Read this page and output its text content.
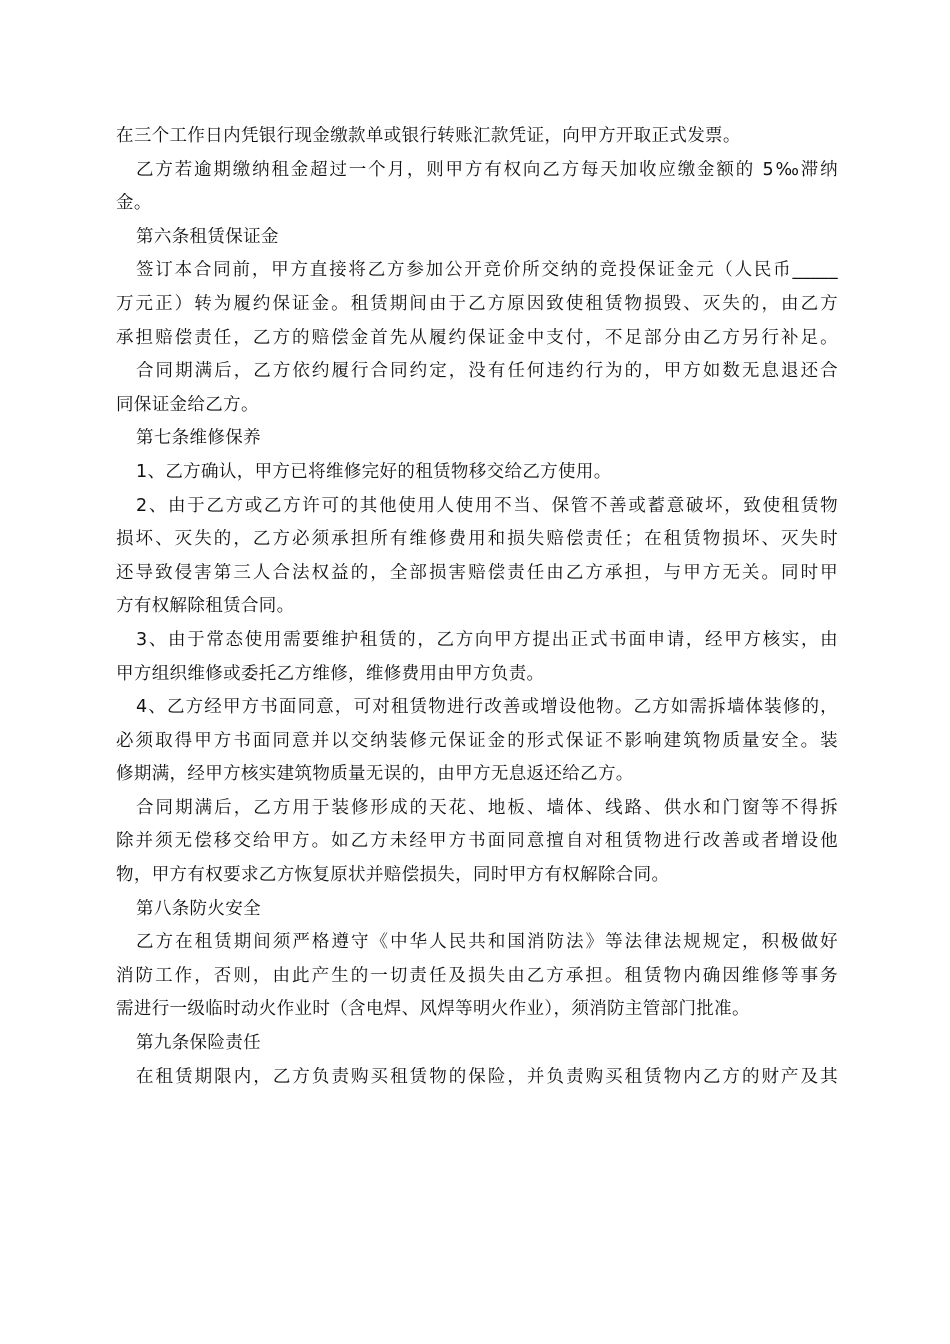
在三个工作日内凭银行现金缴款单或银行转账汇款凭证，向甲方开取正式发票。
乙方若逾期缴纳租金超过一个月，则甲方有权向乙方每天加收应缴金额的 5‰滞纳
金。
第六条租赁保证金
签订本合同前，甲方直接将乙方参加公开竞价所交纳的竞投保证金元（人民币_____
万元正）转为履约保证金。租赁期间由于乙方原因致使租赁物损毁、灭失的，由乙方
承担赔偿责任，乙方的赔偿金首先从履约保证金中支付，不足部分由乙方另行补足。
合同期满后，乙方依约履行合同约定，没有任何违约行为的，甲方如数无息退还合
同保证金给乙方。
第七条维修保养
1、乙方确认，甲方已将维修完好的租赁物移交给乙方使用。
2、由于乙方或乙方许可的其他使用人使用不当、保管不善或蓄意破坏，致使租赁物
损坏、灭失的，乙方必须承担所有维修费用和损失赔偿责任；在租赁物损坏、灭失时
还导致侵害第三人合法权益的，全部损害赔偿责任由乙方承担，与甲方无关。同时甲
方有权解除租赁合同。
3、由于常态使用需要维护租赁的，乙方向甲方提出正式书面申请，经甲方核实，由
甲方组织维修或委托乙方维修，维修费用由甲方负责。
4、乙方经甲方书面同意，可对租赁物进行改善或增设他物。乙方如需拆墙体装修的，
必须取得甲方书面同意并以交纳装修元保证金的形式保证不影响建筑物质量安全。装
修期满，经甲方核实建筑物质量无误的，由甲方无息返还给乙方。
合同期满后，乙方用于装修形成的天花、地板、墙体、线路、供水和门窗等不得拆
除并须无偿移交给甲方。如乙方未经甲方书面同意擅自对租赁物进行改善或者增设他
物，甲方有权要求乙方恢复原状并赔偿损失，同时甲方有权解除合同。
第八条防火安全
乙方在租赁期间须严格遵守《中华人民共和国消防法》等法律法规规定，积极做好
消防工作，否则，由此产生的一切责任及损失由乙方承担。租赁物内确因维修等事务
需进行一级临时动火作业时（含电焊、风焊等明火作业），须消防主管部门批准。
第九条保险责任
在租赁期限内，乙方负责购买租赁物的保险，并负责购买租赁物内乙方的财产及其
